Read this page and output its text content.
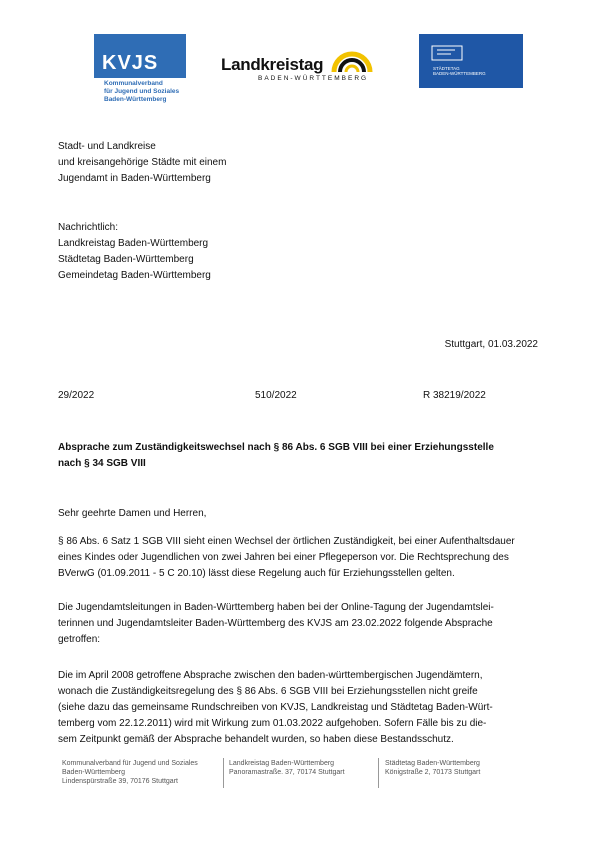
KVJS
Kommunalverband
für Jugend und Soziales
Baden-Württemberg
Landkreistag
BADEN-WÜRTTEMBERG
STÄDTETAG
BADEN-WÜRTTEMBERG
Stadt- und Landkreise
und kreisangehörige Städte mit einem
Jugendamt in Baden-Württemberg
Nachrichtlich:
Landkreistag Baden-Württemberg
Städtetag Baden-Württemberg
Gemeindetag Baden-Württemberg
Stuttgart, 01.03.2022
29/2022	510/2022	R 38219/2022
Absprache zum Zuständigkeitswechsel nach § 86 Abs. 6 SGB VIII bei einer Erziehungsstelle
nach § 34 SGB VIII
Sehr geehrte Damen und Herren,
§ 86 Abs. 6 Satz 1 SGB VIII sieht einen Wechsel der örtlichen Zuständigkeit, bei einer Aufenthaltsdauer
eines Kindes oder Jugendlichen von zwei Jahren bei einer Pflegeperson vor. Die Rechtsprechung des
BVerwG (01.09.2011 - 5 C 20.10) lässt diese Regelung auch für Erziehungsstellen gelten.
Die Jugendamtsleitungen in Baden-Württemberg haben bei der Online-Tagung der Jugendamtslei-
terinnen und Jugendamtsleiter Baden-Württemberg des KVJS am 23.02.2022 folgende Absprache
getroffen:
Die im April 2008 getroffene Absprache zwischen den baden-württembergischen Jugendämtern,
wonach die Zuständigkeitsregelung des § 86 Abs. 6 SGB VIII bei Erziehungsstellen nicht greife
(siehe dazu das gemeinsame Rundschreiben von KVJS, Landkreistag und Städtetag Baden-Würt-
temberg vom 22.12.2011) wird mit Wirkung zum 01.03.2022 aufgehoben. Sofern Fälle bis zu die-
sem Zeitpunkt gemäß der Absprache behandelt wurden, so haben diese Bestandsschutz.
Kommunalverband für Jugend und Soziales
Baden-Württemberg
Lindenspürstraße 39, 70176 Stuttgart
Landkreistag Baden-Württemberg
Panoramastraße. 37, 70174 Stuttgart
Städtetag Baden-Württemberg
Königstraße 2, 70173 Stuttgart
